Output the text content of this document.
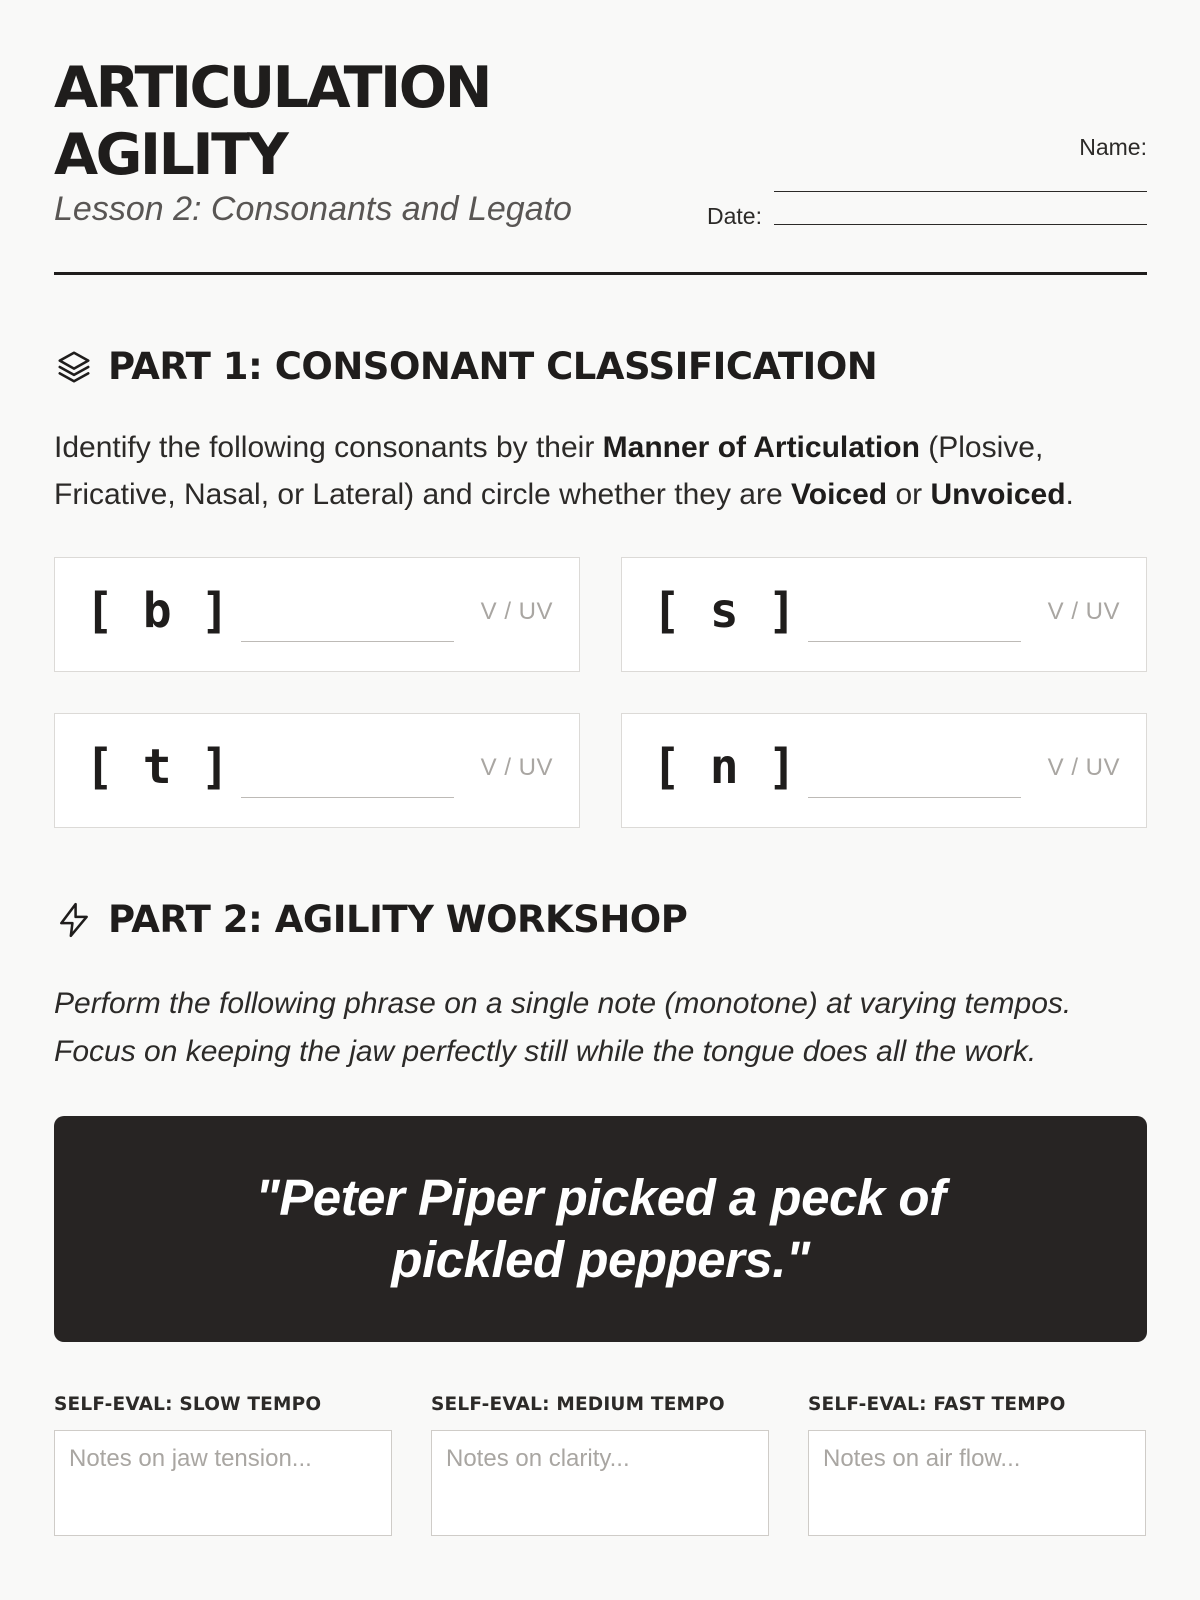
ARTICULATION
AGILITY
Lesson 2: Consonants and Legato
Name:
Date:
PART 1: CONSONANT CLASSIFICATION

Identify the following consonants by their Manner of Articulation (Plosive, Fricative, Nasal, or Lateral) and circle whether they are Voiced or Unvoiced.

[ b ]	V / UV [ s ]	V / UV
[ t ]	V / UV [ n ]	V / UV
PART 2: AGILITY WORKSHOP

Perform the following phrase on a single note (monotone) at varying tempos.
Focus on keeping the jaw perfectly still while the tongue does all the work.

"Peter Piper picked a peck of pickled peppers."
SELF-EVAL: SLOW TEMPO
Notes on jaw tension...	SELF-EVAL: MEDIUM TEMPO
Notes on clarity...	SELF-EVAL: FAST TEMPO
Notes on air flow...
